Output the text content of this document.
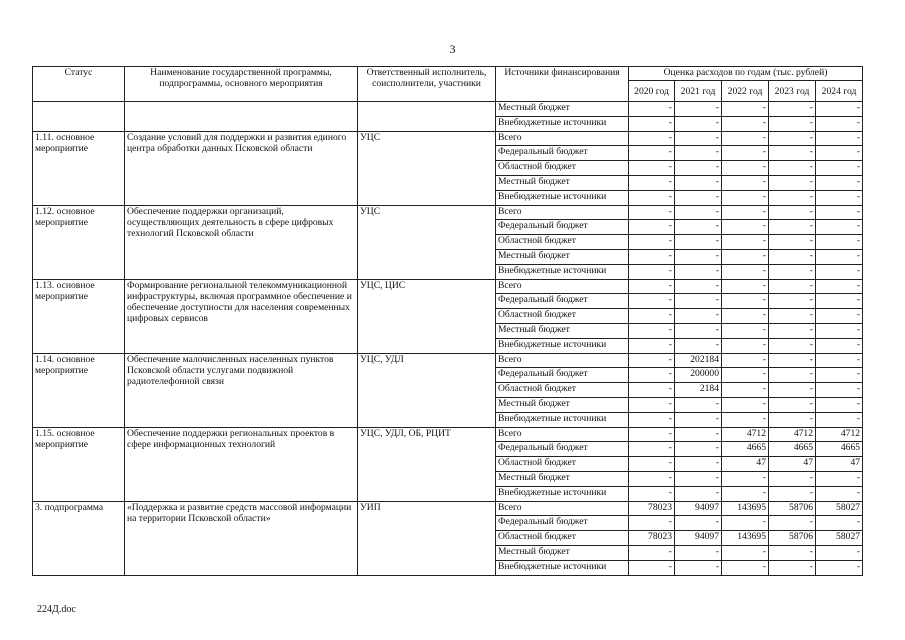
3
Статус	Наименование государственной программы, подпрограммы, основного мероприятия	Ответственный исполнитель, соисполнители, участники	Источники финансирования	Оценка расходов по годам (тыс. рублей)				
				2020 год	2021 год	2022 год	2023 год	2024 год
			Местный бюджет	-	-	-	-	-
			Внебюджетные источники	-	-	-	-	-
1.11. основное мероприятие	Создание условий для поддержки и развития единого центра обработки данных Псковской области	УЦС	Всего	-	-	-	-	-
			Федеральный бюджет	-	-	-	-	-
			Областной бюджет	-	-	-	-	-
			Местный бюджет	-	-	-	-	-
			Внебюджетные источники	-	-	-	-	-
1.12. основное мероприятие	Обеспечение поддержки организаций, осуществляющих деятельность в сфере цифровых технологий Псковской области	УЦС	Всего	-	-	-	-	-
			Федеральный бюджет	-	-	-	-	-
			Областной бюджет	-	-	-	-	-
			Местный бюджет	-	-	-	-	-
			Внебюджетные источники	-	-	-	-	-
1.13. основное мероприятие	Формирование региональной телекоммуникационной инфраструктуры, включая программное обеспечение и обеспечение доступности для населения современных цифровых сервисов	УЦС, ЦИС	Всего	-	-	-	-	-
			Федеральный бюджет	-	-	-	-	-
			Областной бюджет	-	-	-	-	-
			Местный бюджет	-	-	-	-	-
			Внебюджетные источники	-	-	-	-	-
1.14. основное мероприятие	Обеспечение малочисленных населенных пунктов Псковской области услугами подвижной радиотелефонной связи	УЦС, УДЛ	Всего	-	202184	-	-	-
			Федеральный бюджет	-	200000	-	-	-
			Областной бюджет	-	2184	-	-	-
			Местный бюджет	-	-	-	-	-
			Внебюджетные источники	-	-	-	-	-
1.15. основное мероприятие	Обеспечение поддержки региональных проектов в сфере информационных технологий	УЦС, УДЛ, ОБ, РЦИТ	Всего	-	-	4712	4712	4712
			Федеральный бюджет	-	-	4665	4665	4665
			Областной бюджет	-	-	47	47	47
			Местный бюджет	-	-	-	-	-
			Внебюджетные источники	-	-	-	-	-
3. подпрограмма	«Поддержка и развитие средств массовой информации на территории Псковской области»	УИП	Всего	78023	94097	143695	58706	58027
			Федеральный бюджет	-	-	-	-	-
			Областной бюджет	78023	94097	143695	58706	58027
			Местный бюджет	-	-	-	-	-
			Внебюджетные источники	-	-	-	-	-
224Д.doc
